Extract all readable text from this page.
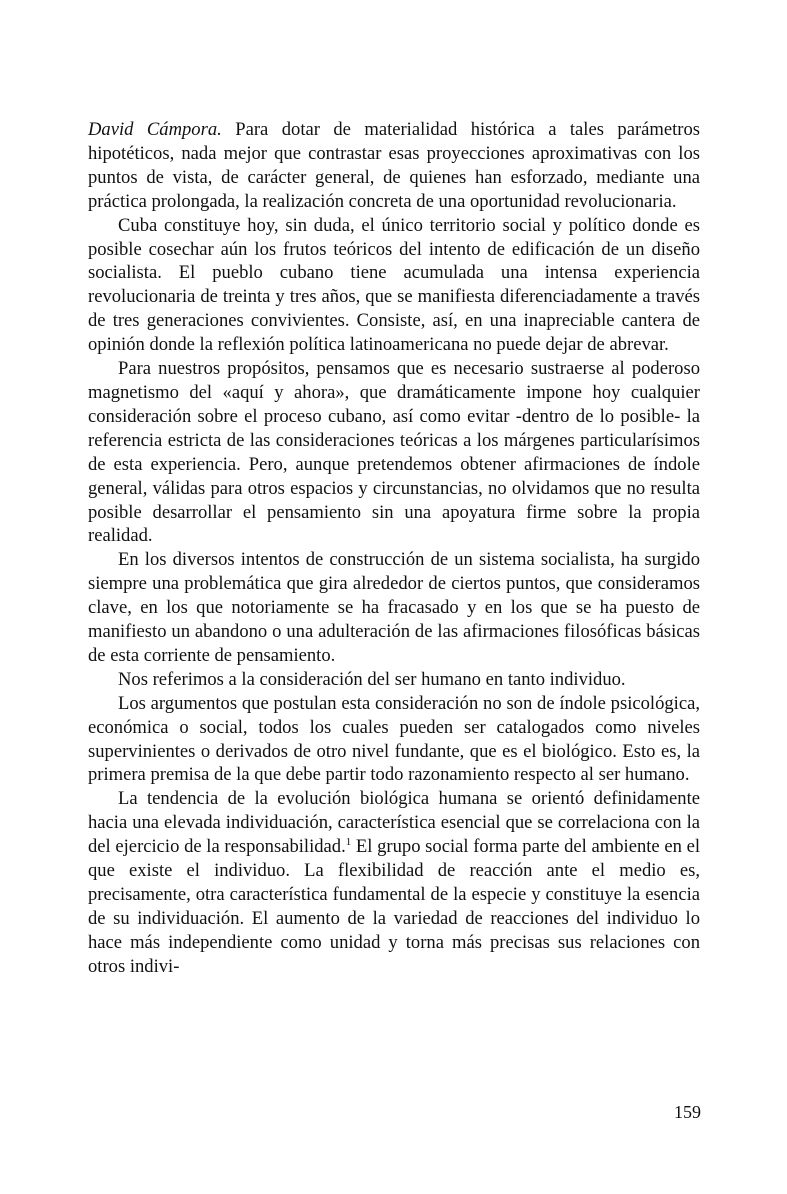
David Cámpora. Para dotar de materialidad histórica a tales parámetros hipotéticos, nada mejor que contrastar esas proyecciones aproximativas con los puntos de vista, de carácter general, de quienes han esforzado, mediante una práctica prolongada, la realización concreta de una oportunidad revolucionaria.

Cuba constituye hoy, sin duda, el único territorio social y político donde es posible cosechar aún los frutos teóricos del intento de edificación de un diseño socialista. El pueblo cubano tiene acumulada una intensa experiencia revolucionaria de treinta y tres años, que se manifiesta diferenciadamente a través de tres generaciones convivientes. Consiste, así, en una inapreciable cantera de opinión donde la reflexión política latinoamericana no puede dejar de abrevar.

Para nuestros propósitos, pensamos que es necesario sustraerse al poderoso magnetismo del «aquí y ahora», que dramáticamente impone hoy cualquier consideración sobre el proceso cubano, así como evitar -dentro de lo posible- la referencia estricta de las consideraciones teóricas a los márgenes particularísimos de esta experiencia. Pero, aunque pretendemos obtener afirmaciones de índole general, válidas para otros espacios y circunstancias, no olvidamos que no resulta posible desarrollar el pensamiento sin una apoyatura firme sobre la propia realidad.

En los diversos intentos de construcción de un sistema socialista, ha surgido siempre una problemática que gira alrededor de ciertos puntos, que consideramos clave, en los que notoriamente se ha fracasado y en los que se ha puesto de manifiesto un abandono o una adulteración de las afirmaciones filosóficas básicas de esta corriente de pensamiento.

Nos referimos a la consideración del ser humano en tanto individuo.

Los argumentos que postulan esta consideración no son de índole psicológica, económica o social, todos los cuales pueden ser catalogados como niveles supervinientes o derivados de otro nivel fundante, que es el biológico. Esto es, la primera premisa de la que debe partir todo razonamiento respecto al ser humano.

La tendencia de la evolución biológica humana se orientó definidamente hacia una elevada individuación, característica esencial que se correlaciona con la del ejercicio de la responsabilidad.$^1$ El grupo social forma parte del ambiente en el que existe el individuo. La flexibilidad de reacción ante el medio es, precisamente, otra característica fundamental de la especie y constituye la esencia de su individuación. El aumento de la variedad de reacciones del individuo lo hace más independiente como unidad y torna más precisas sus relaciones con otros indivi-

159
